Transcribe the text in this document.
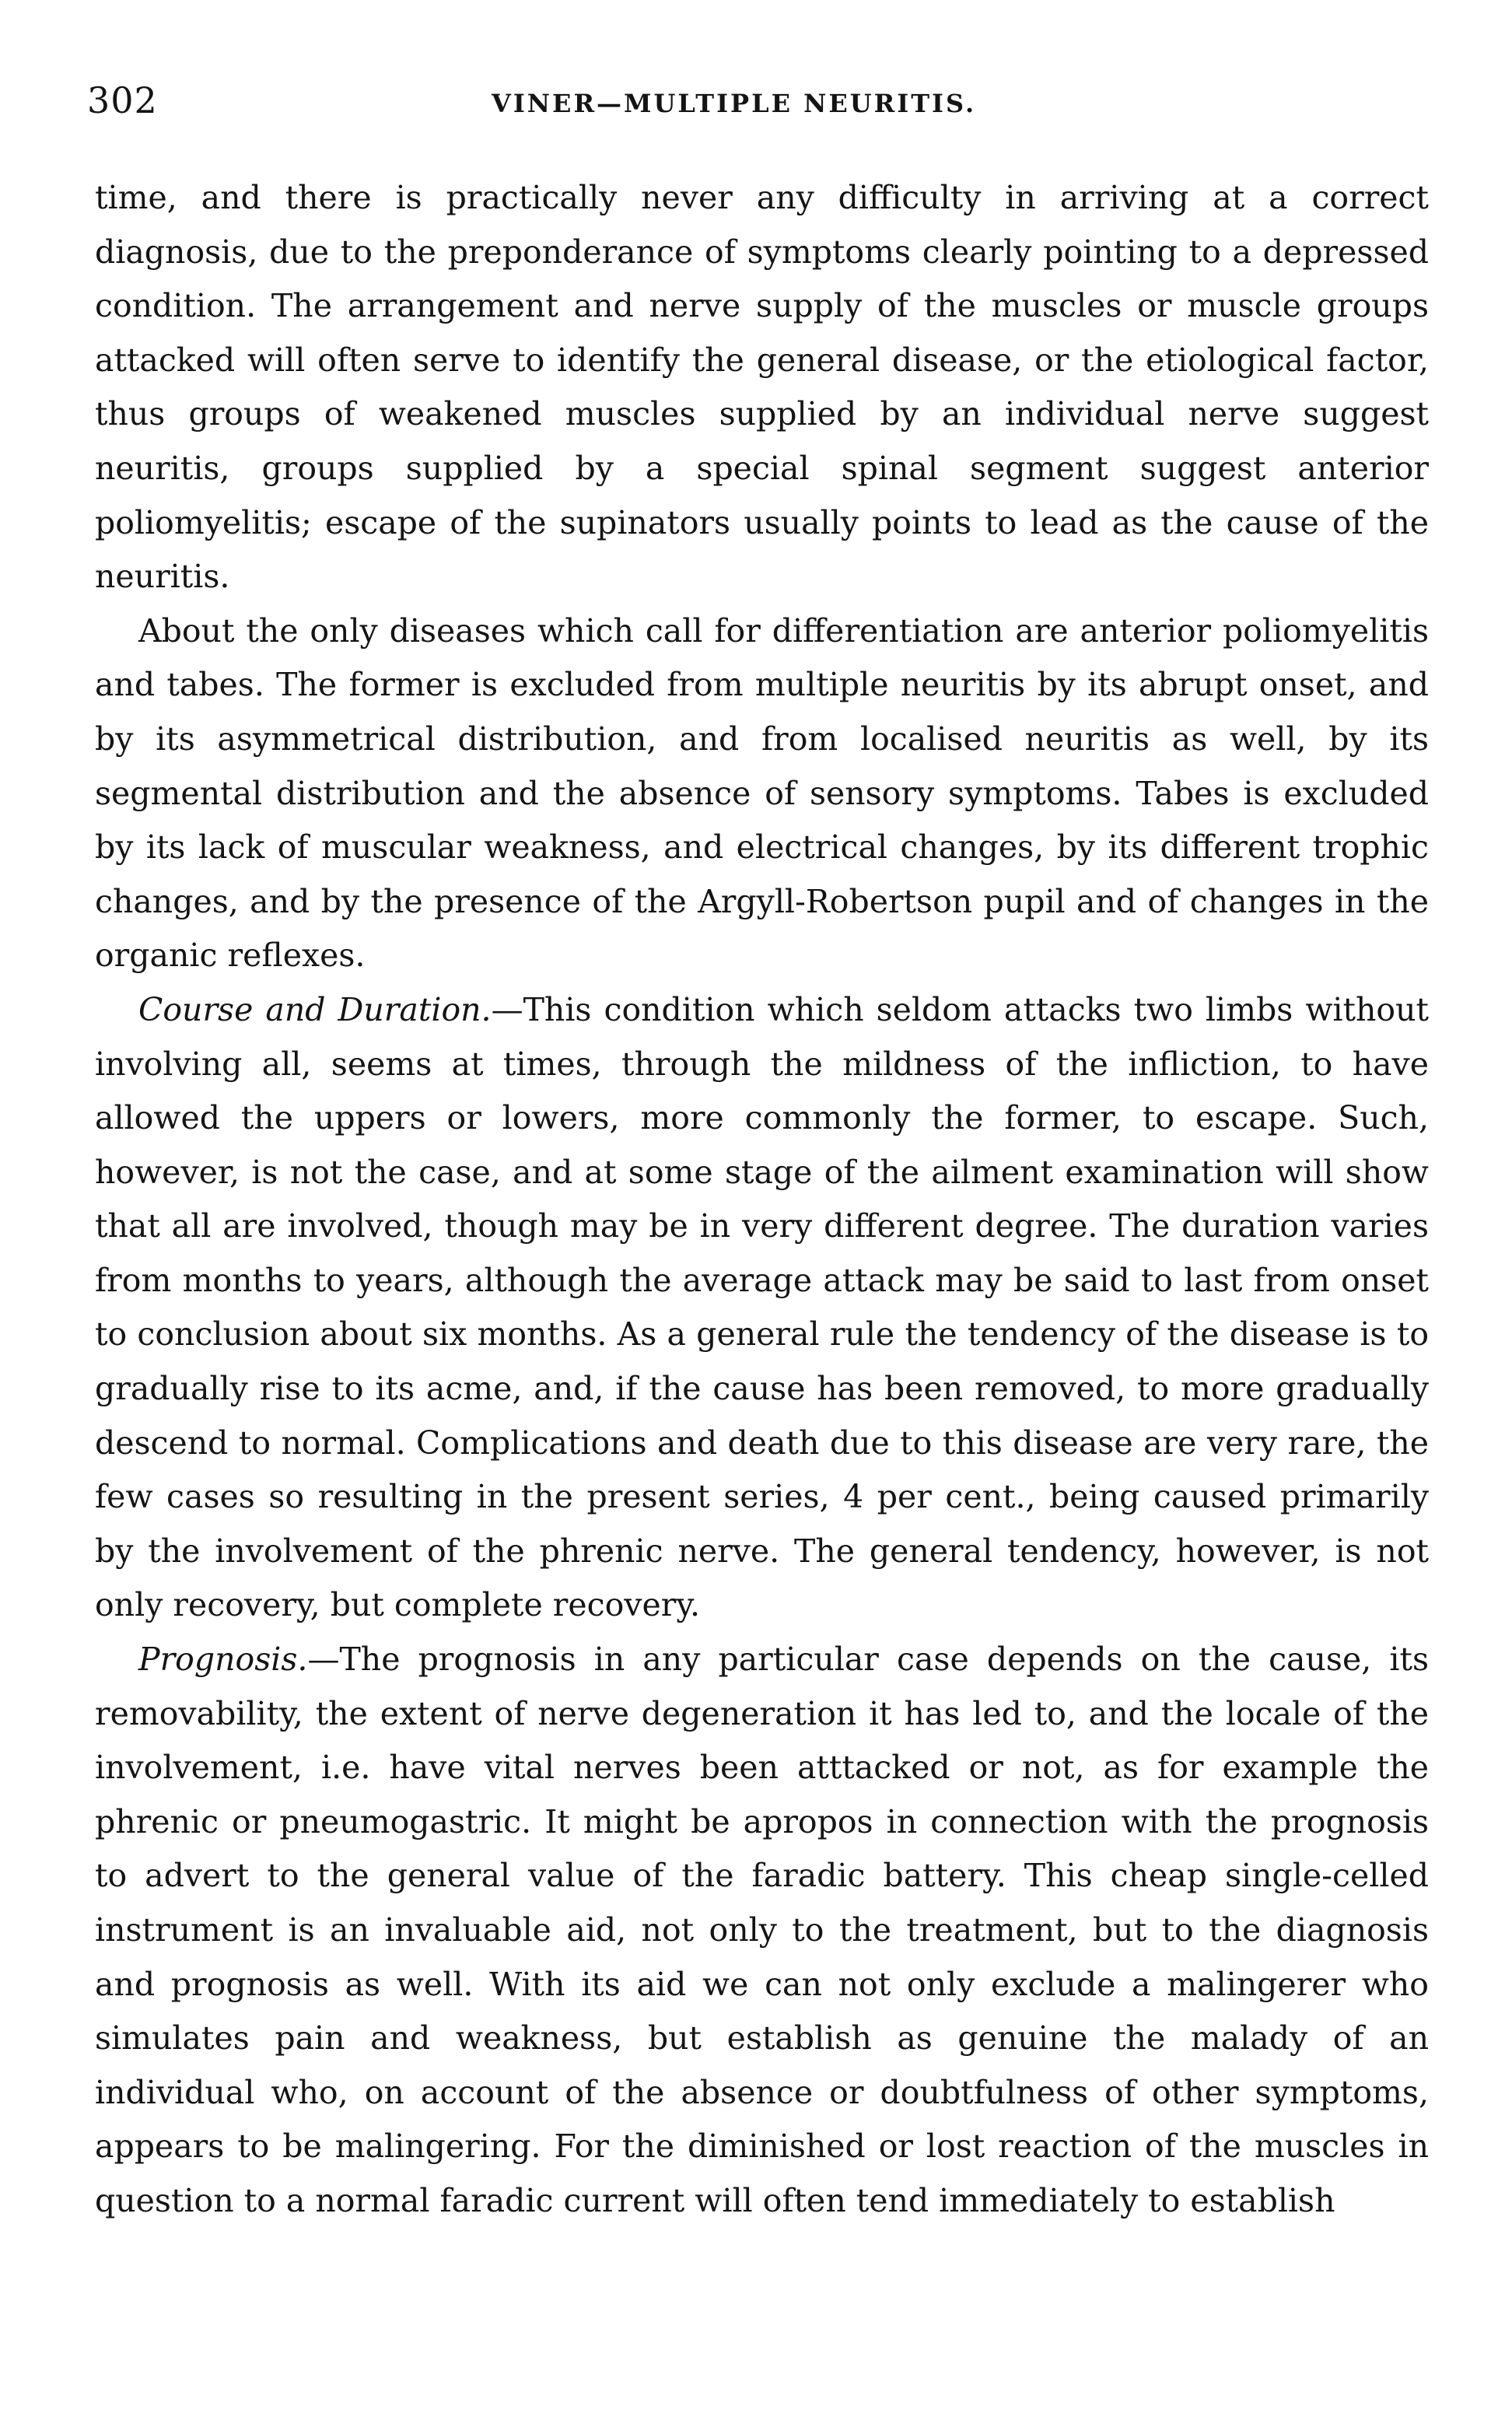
302	VINER—MULTIPLE NEURITIS.

time, and there is practically never any difficulty in arriving at a correct diagnosis, due to the preponderance of symptoms clearly pointing to a depressed condition. The arrangement and nerve supply of the muscles or muscle groups attacked will often serve to identify the general disease, or the etiological factor, thus groups of weakened muscles supplied by an individual nerve suggest neuritis, groups supplied by a special spinal segment suggest anterior poliomyelitis; escape of the supinators usually points to lead as the cause of the neuritis.

About the only diseases which call for differentiation are anterior poliomyelitis and tabes. The former is excluded from multiple neuritis by its abrupt onset, and by its asymmetrical distribution, and from localised neuritis as well, by its segmental distribution and the absence of sensory symptoms. Tabes is excluded by its lack of muscular weakness, and electrical changes, by its different trophic changes, and by the presence of the Argyll-Robertson pupil and of changes in the organic reflexes.

Course and Duration.—This condition which seldom attacks two limbs without involving all, seems at times, through the mildness of the infliction, to have allowed the uppers or lowers, more commonly the former, to escape. Such, however, is not the case, and at some stage of the ailment examination will show that all are involved, though may be in very different degree. The duration varies from months to years, although the average attack may be said to last from onset to conclusion about six months. As a general rule the tendency of the disease is to gradually rise to its acme, and, if the cause has been removed, to more gradually descend to normal. Complications and death due to this disease are very rare, the few cases so resulting in the present series, 4 per cent., being caused primarily by the involvement of the phrenic nerve. The general tendency, however, is not only recovery, but complete recovery.

Prognosis.—The prognosis in any particular case depends on the cause, its removability, the extent of nerve degeneration it has led to, and the locale of the involvement, i.e. have vital nerves been atttacked or not, as for example the phrenic or pneumogastric. It might be apropos in connection with the prognosis to advert to the general value of the faradic battery. This cheap single-celled instrument is an invaluable aid, not only to the treatment, but to the diagnosis and prognosis as well. With its aid we can not only exclude a malingerer who simulates pain and weakness, but establish as genuine the malady of an individual who, on account of the absence or doubtfulness of other symptoms, appears to be malingering. For the diminished or lost reaction of the muscles in question to a normal faradic current will often tend immediately to establish
